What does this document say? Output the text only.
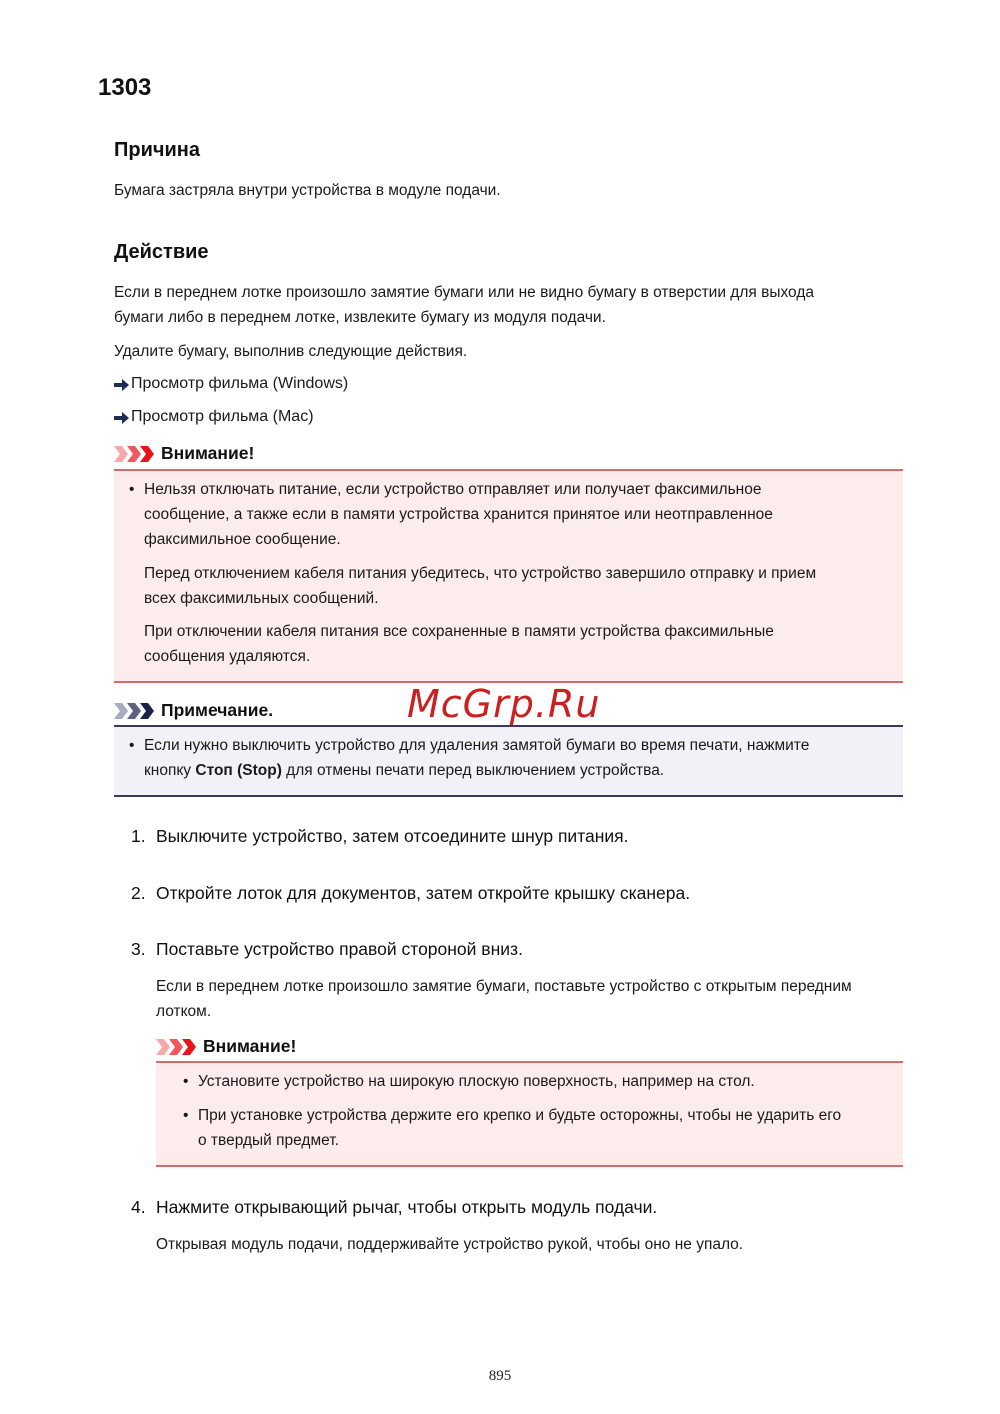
1303
Причина
Бумага застряла внутри устройства в модуле подачи.
Действие
Если в переднем лотке произошло замятие бумаги или не видно бумагу в отверстии для выхода
бумаги либо в переднем лотке, извлеките бумагу из модуля подачи.
Удалите бумагу, выполнив следующие действия.
Просмотр фильма (Windows)
Просмотр фильма (Mac)
Внимание!
• Нельзя отключать питание, если устройство отправляет или получает факсимильное
сообщение, а также если в памяти устройства хранится принятое или неотправленное
факсимильное сообщение.
Перед отключением кабеля питания убедитесь, что устройство завершило отправку и прием
всех факсимильных сообщений.
При отключении кабеля питания все сохраненные в памяти устройства факсимильные
сообщения удаляются.
Примечание.
• Если нужно выключить устройство для удаления замятой бумаги во время печати, нажмите
кнопку Стоп (Stop) для отмены печати перед выключением устройства.
McGrp.Ru
1. Выключите устройство, затем отсоедините шнур питания.
2. Откройте лоток для документов, затем откройте крышку сканера.
3. Поставьте устройство правой стороной вниз.
Если в переднем лотке произошло замятие бумаги, поставьте устройство с открытым передним
лотком.
Внимание!
• Установите устройство на широкую плоскую поверхность, например на стол.
• При установке устройства держите его крепко и будьте осторожны, чтобы не ударить его
о твердый предмет.
4. Нажмите открывающий рычаг, чтобы открыть модуль подачи.
Открывая модуль подачи, поддерживайте устройство рукой, чтобы оно не упало.
895
